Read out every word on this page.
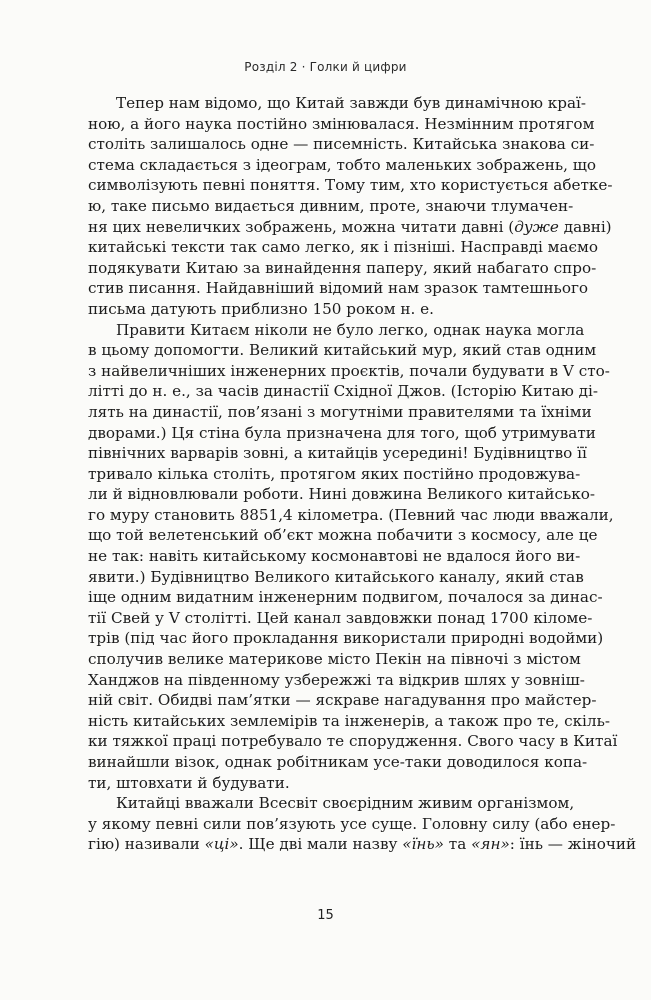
Розділ 2 · Голки й цифри
Тепер нам відомо, що Китай завжди був динамічною краї-
ною, а його наука постійно змінювалася. Незмінним протягом
століть залишалось одне — писемність. Китайська знакова си-
стема складається з ідеограм, тобто маленьких зображень, що
символізують певні поняття. Тому тим, хто користується абетке-
ю, таке письмо видається дивним, проте, знаючи тлумачен-
ня цих невеличких зображень, можна читати давні (дуже давні)
китайські тексти так само легко, як і пізніші. Насправді маємо
подякувати Китаю за винайдення паперу, який набагато спро-
стив писання. Найдавніший відомий нам зразок тамтешнього
письма датують приблизно 150 роком н. е.
Правити Китаєм ніколи не було легко, однак наука могла
в цьому допомогти. Великий китайський мур, який став одним
з найвеличніших інженерних проєктів, почали будувати в V сто-
літті до н. е., за часів династії Східної Джов. (Історію Китаю ді-
лять на династії, пов’язані з могутніми правителями та їхніми
дворами.) Ця стіна була призначена для того, щоб утримувати
північних варварів зовні, а китайців усередині! Будівництво її
тривало кілька століть, протягом яких постійно продовжува-
ли й відновлювали роботи. Нині довжина Великого китайсько-
го муру становить 8851,4 кілометра. (Певний час люди вважали,
що той велетенський об’єкт можна побачити з космосу, але це
не так: навіть китайському космонавтові не вдалося його ви-
явити.) Будівництво Великого китайського каналу, який став
іще одним видатним інженерним подвигом, почалося за динас-
тії Свей у V столітті. Цей канал завдовжки понад 1700 кіломе-
трів (під час його прокладання використали природні водойми)
сполучив велике материкове місто Пекін на півночі з містом
Ханджов на південному узбережжі та відкрив шлях у зовніш-
ній світ. Обидві пам’ятки — яскраве нагадування про майстер-
ність китайських землемірів та інженерів, а також про те, скіль-
ки тяжкої праці потребувало те спорудження. Свого часу в Китаї
винайшли візок, однак робітникам усе-таки доводилося копа-
ти, штовхати й будувати.
Китайці вважали Всесвіт своєрідним живим організмом,
у якому певні сили пов’язують усе суще. Головну силу (або енер-
гію) називали «ці». Ще дві мали назву «їнь» та «ян»: їнь — жіночий
15
